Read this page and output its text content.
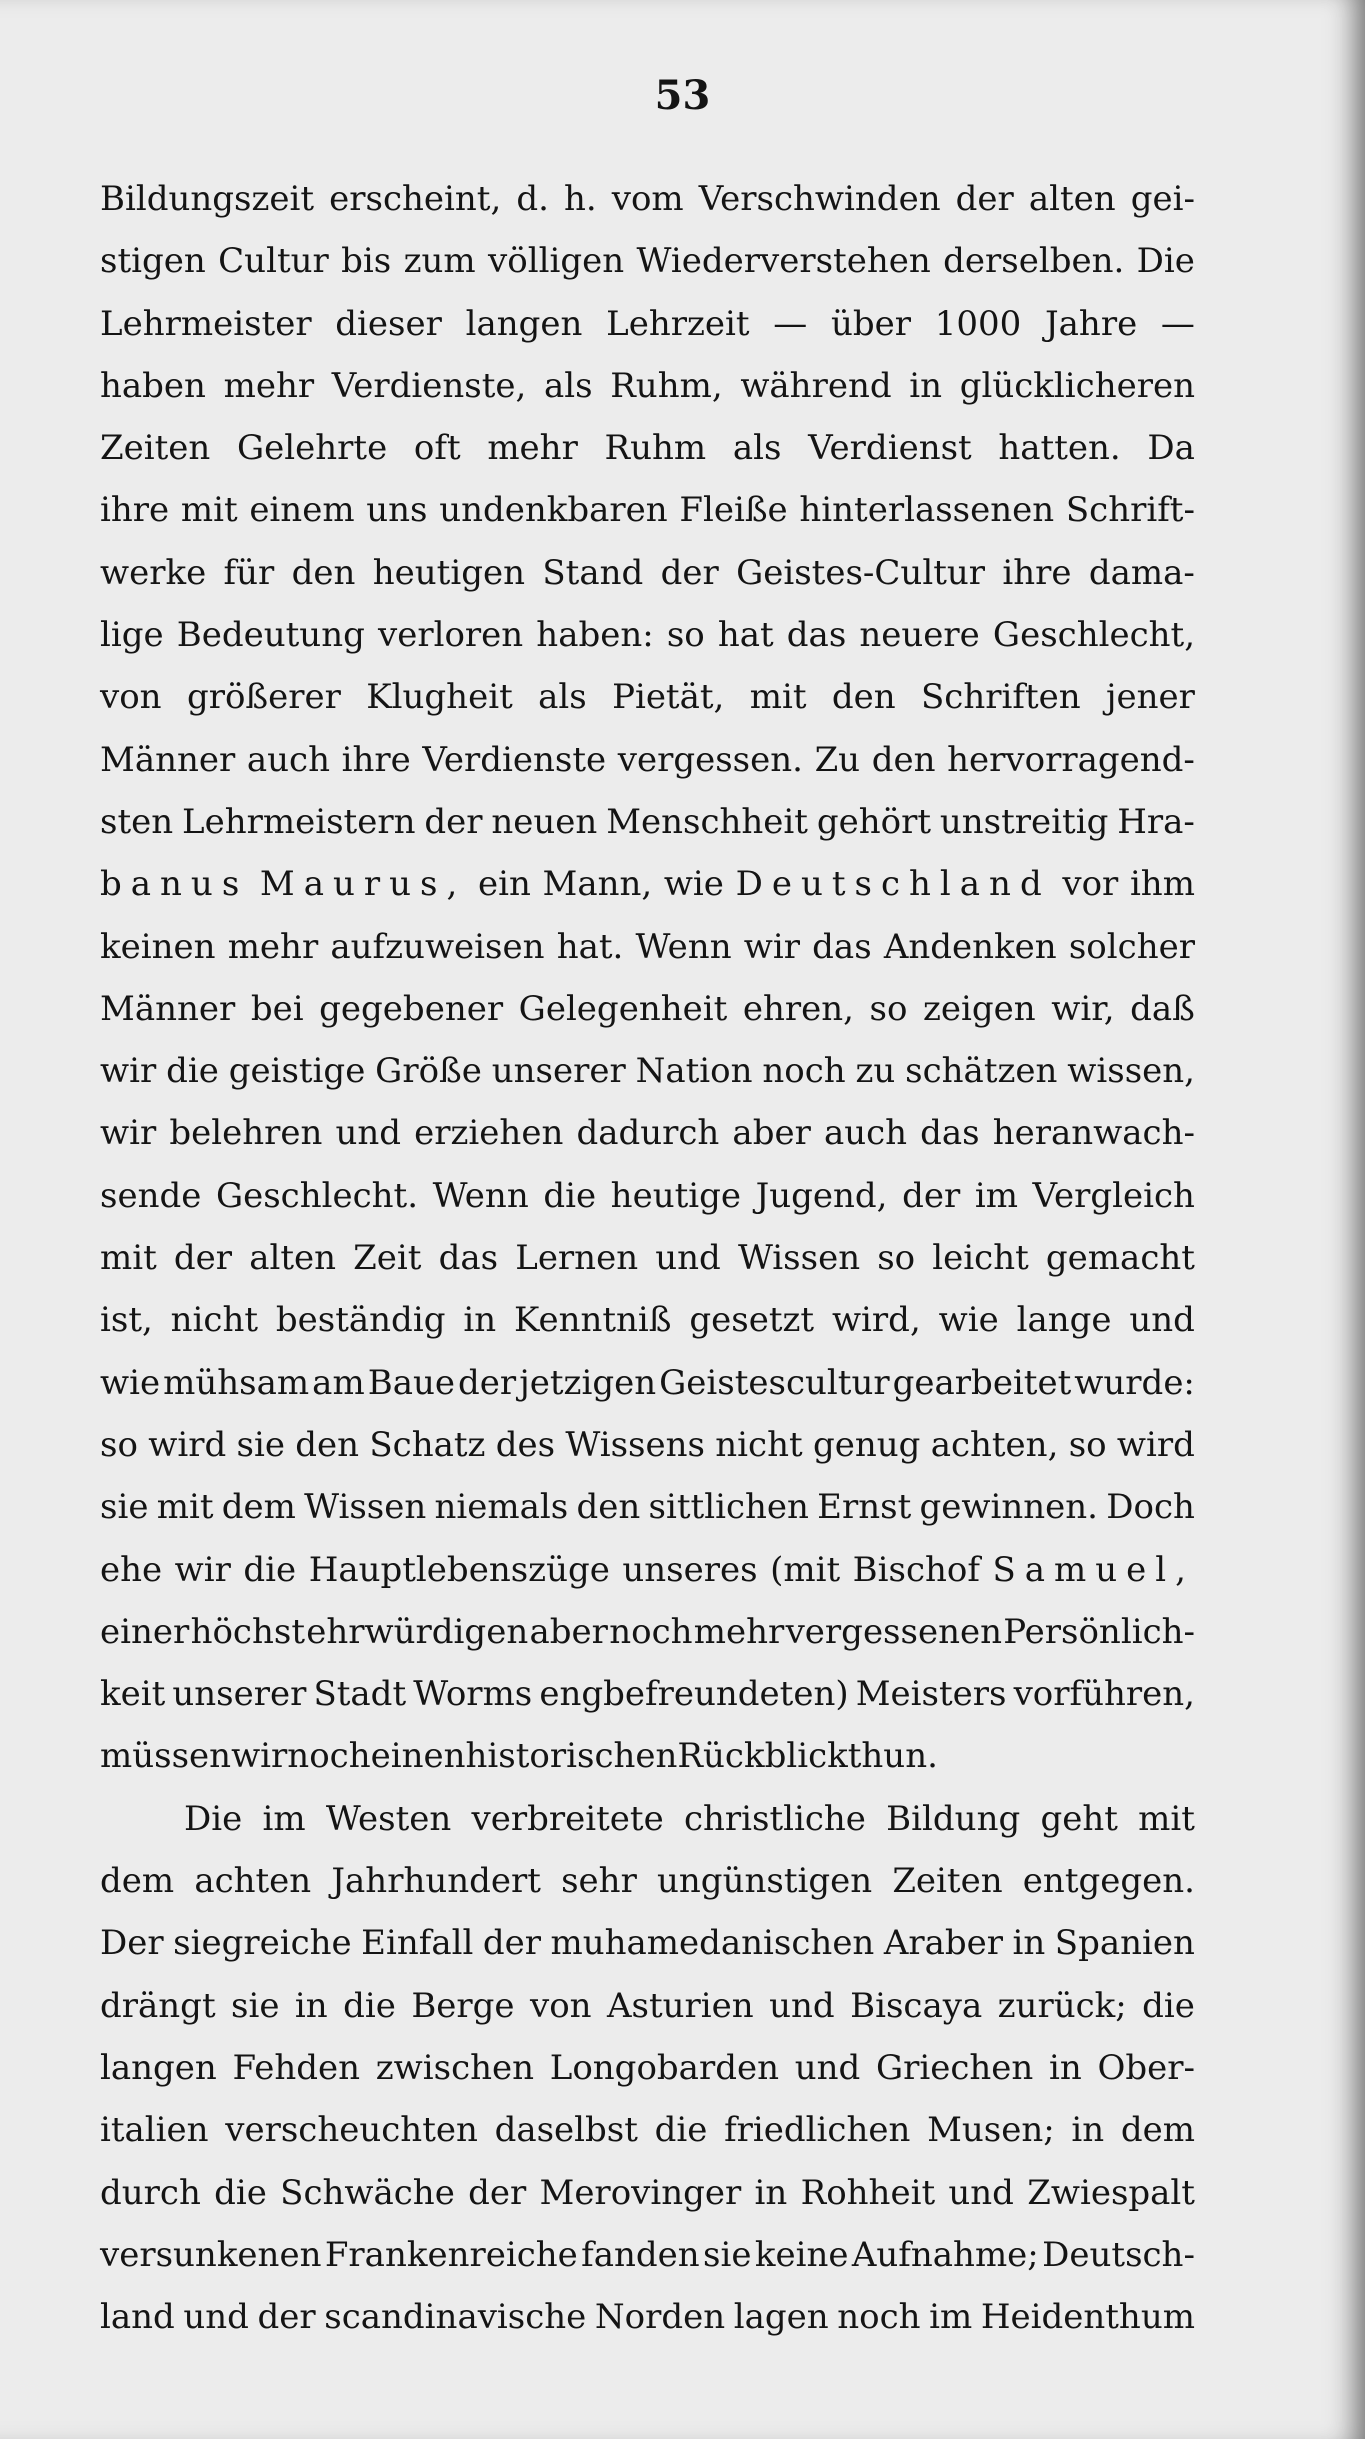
53
Bildungszeit erscheint, d. h. vom Verschwinden der alten gei-
stigen Cultur bis zum völligen Wiederverstehen derselben. Die
Lehrmeister dieser langen Lehrzeit — über 1000 Jahre —
haben mehr Verdienste, als Ruhm, während in glücklicheren
Zeiten Gelehrte oft mehr Ruhm als Verdienst hatten. Da
ihre mit einem uns undenkbaren Fleiße hinterlassenen Schrift-
werke für den heutigen Stand der Geistes-Cultur ihre dama-
lige Bedeutung verloren haben: so hat das neuere Geschlecht,
von größerer Klugheit als Pietät, mit den Schriften jener
Männer auch ihre Verdienste vergessen. Zu den hervorragend-
sten Lehrmeistern der neuen Menschheit gehört unstreitig Hra-
banus Maurus, ein Mann, wie Deutschland vor ihm
keinen mehr aufzuweisen hat. Wenn wir das Andenken solcher
Männer bei gegebener Gelegenheit ehren, so zeigen wir, daß
wir die geistige Größe unserer Nation noch zu schätzen wissen,
wir belehren und erziehen dadurch aber auch das heranwach-
sende Geschlecht. Wenn die heutige Jugend, der im Vergleich
mit der alten Zeit das Lernen und Wissen so leicht gemacht
ist, nicht beständig in Kenntniß gesetzt wird, wie lange und
wie mühsam am Baue der jetzigen Geistescultur gearbeitet wurde:
so wird sie den Schatz des Wissens nicht genug achten, so wird
sie mit dem Wissen niemals den sittlichen Ernst gewinnen. Doch
ehe wir die Hauptlebenszüge unseres (mit Bischof Samuel,
einer höchst ehrwürdigen aber noch mehr vergessenen Persönlich-
keit unserer Stadt Worms engbefreundeten) Meisters vorführen,
müssen wir noch einen historischen Rückblick thun.
Die im Westen verbreitete christliche Bildung geht mit
dem achten Jahrhundert sehr ungünstigen Zeiten entgegen.
Der siegreiche Einfall der muhamedanischen Araber in Spanien
drängt sie in die Berge von Asturien und Biscaya zurück; die
langen Fehden zwischen Longobarden und Griechen in Ober-
italien verscheuchten daselbst die friedlichen Musen; in dem
durch die Schwäche der Merovinger in Rohheit und Zwiespalt
versunkenen Frankenreiche fanden sie keine Aufnahme; Deutsch-
land und der scandinavische Norden lagen noch im Heidenthum
